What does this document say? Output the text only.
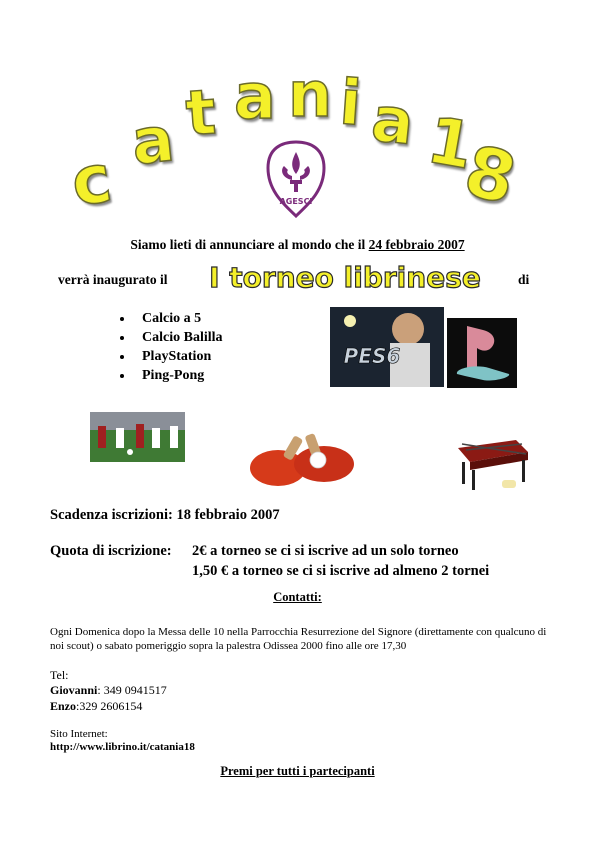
c a t a n i a 1
8
AGESCI
Siamo lieti di annunciare al mondo che il 24 febbraio 2007
verrà inaugurato il I torneo librinese	di
Calcio a 5
Calcio Balilla
PlayStation
Ping-Pong
PES6
Scadenza iscrizioni: 18 febbraio 2007
Quota di iscrizione: 2€ a torneo se ci si iscrive ad un solo torneo
1,50 € a torneo se ci si iscrive ad almeno 2 tornei
Contatti:
Ogni Domenica dopo la Messa delle 10 nella Parrocchia Resurrezione del Signore (direttamente con qualcuno di noi scout) o sabato pomeriggio sopra la palestra Odissea 2000 fino alle ore 17,30
Tel:
Giovanni: 349 0941517
Enzo:329 2606154
Sito Internet:
http://www.librino.it/catania18
Premi per tutti i partecipanti
